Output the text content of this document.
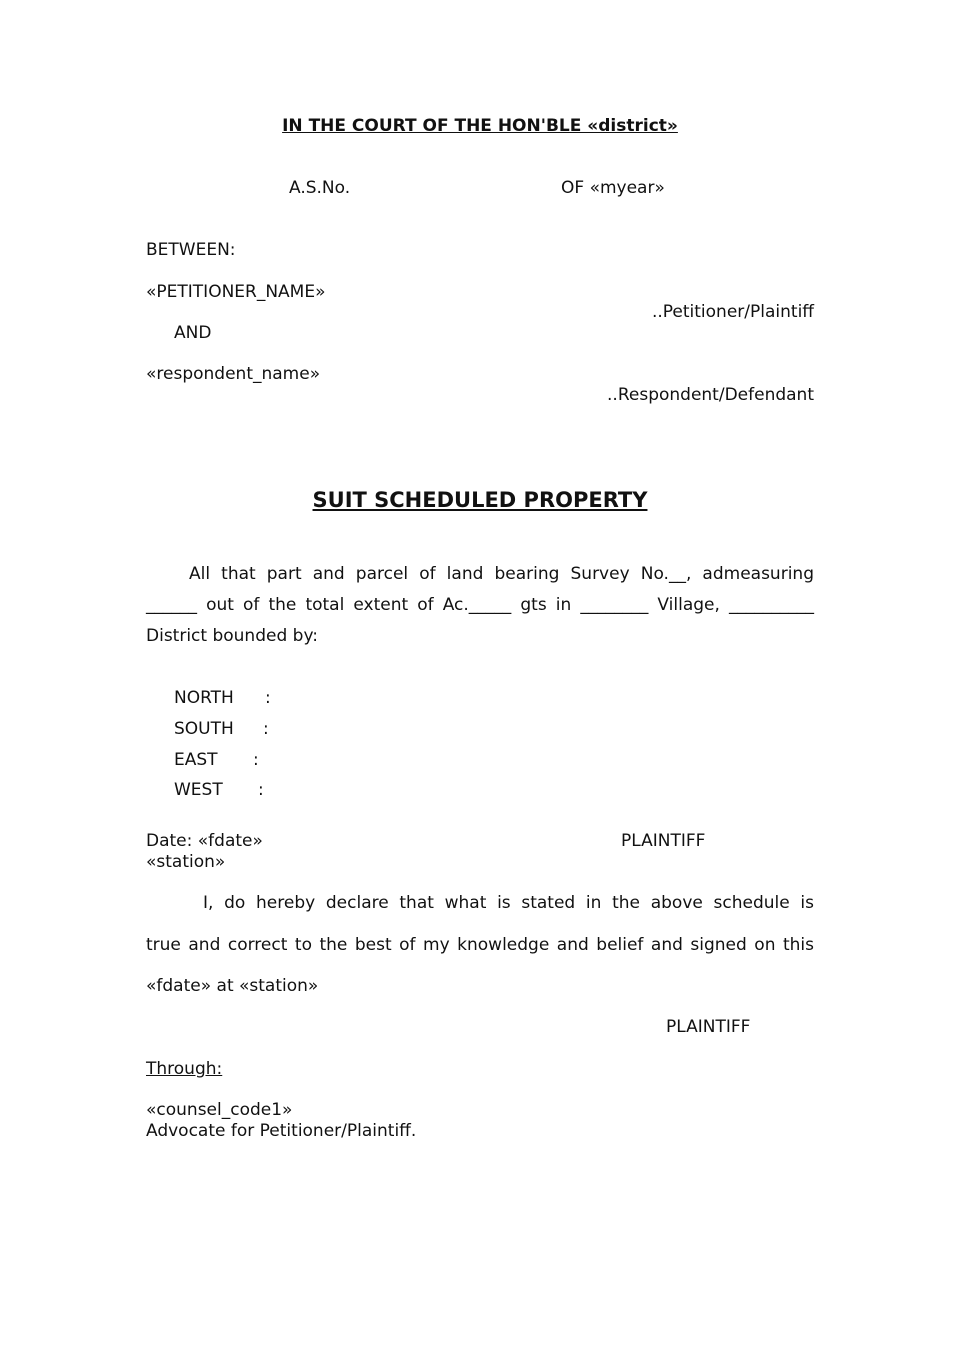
IN THE COURT OF THE HON'BLE «district»
A.S.No.	OF «myear»
BETWEEN:
«PETITIONER_NAME»
..Petitioner/Plaintiff
AND
«respondent_name»
..Respondent/Defendant
SUIT SCHEDULED PROPERTY
All that part and parcel of land bearing Survey No.__, admeasuring
______ out of the total extent of Ac._____ gts in ________ Village, __________
District bounded by:
NORTH :
SOUTH :
EAST :
WEST :
Date: «fdate»	PLAINTIFF
«station»
I, do hereby declare that what is stated in the above schedule is
true and correct to the best of my knowledge and belief and signed on this
«fdate» at «station»
PLAINTIFF
Through:
«counsel_code1»
Advocate for Petitioner/Plaintiff.
